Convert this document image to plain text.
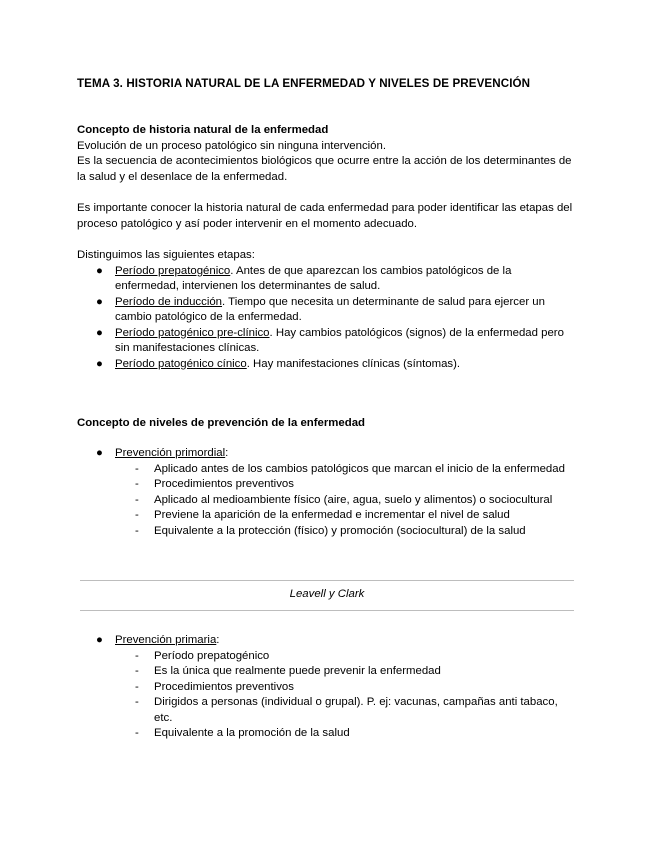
TEMA 3. HISTORIA NATURAL DE LA ENFERMEDAD Y NIVELES DE PREVENCIÓN
Concepto de historia natural de la enfermedad
Evolución de un proceso patológico sin ninguna intervención.
Es la secuencia de acontecimientos biológicos que ocurre entre la acción de los determinantes de la salud y el desenlace de la enfermedad.
Es importante conocer la historia natural de cada enfermedad para poder identificar las etapas del proceso patológico y así poder intervenir en el momento adecuado.
Distinguimos las siguientes etapas:
● Período prepatogénico. Antes de que aparezcan los cambios patológicos de la enfermedad, intervienen los determinantes de salud.
● Período de inducción. Tiempo que necesita un determinante de salud para ejercer un cambio patológico de la enfermedad.
● Período patogénico pre-clínico. Hay cambios patológicos (signos) de la enfermedad pero sin manifestaciones clínicas.
● Período patogénico cínico. Hay manifestaciones clínicas (síntomas).
Concepto de niveles de prevención de la enfermedad
● Prevención primordial:
- Aplicado antes de los cambios patológicos que marcan el inicio de la enfermedad
- Procedimientos preventivos
- Aplicado al medioambiente físico (aire, agua, suelo y alimentos) o sociocultural
- Previene la aparición de la enfermedad e incrementar el nivel de salud
- Equivalente a la protección (físico) y promoción (sociocultural) de la salud
Leavell y Clark
● Prevención primaria:
- Período prepatogénico
- Es la única que realmente puede prevenir la enfermedad
- Procedimientos preventivos
- Dirigidos a personas (individual o grupal). P. ej: vacunas, campañas anti tabaco, etc.
- Equivalente a la promoción de la salud
